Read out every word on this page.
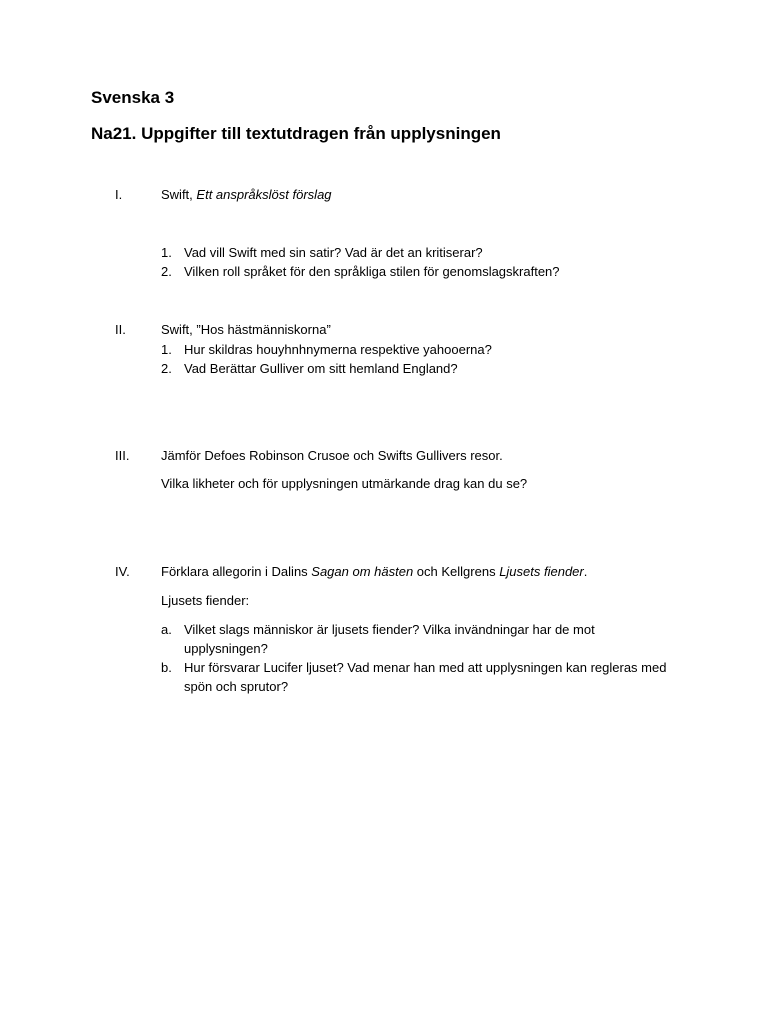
Svenska 3
Na21. Uppgifter till textutdragen från upplysningen
I.	Swift, Ett anspråkslöst förslag
1. Vad vill Swift med sin satir? Vad är det an kritiserar?
2. Vilken roll språket för den språkliga stilen för genomslagskraften?
II.	Swift, ”Hos hästmänniskorna”
1. Hur skildras houyhnhnymerna respektive yahooerna?
2. Vad Berättar Gulliver om sitt hemland England?
III. Jämför Defoes Robinson Crusoe och Swifts Gullivers resor.
Vilka likheter och för upplysningen utmärkande drag kan du se?
IV. Förklara allegorin i Dalins Sagan om hästen och Kellgrens Ljusets fiender.
Ljusets fiender:
a. Vilket slags människor är ljusets fiender? Vilka invändningar har de mot upplysningen?
b. Hur försvarar Lucifer ljuset? Vad menar han med att upplysningen kan regleras med spön och sprutor?
